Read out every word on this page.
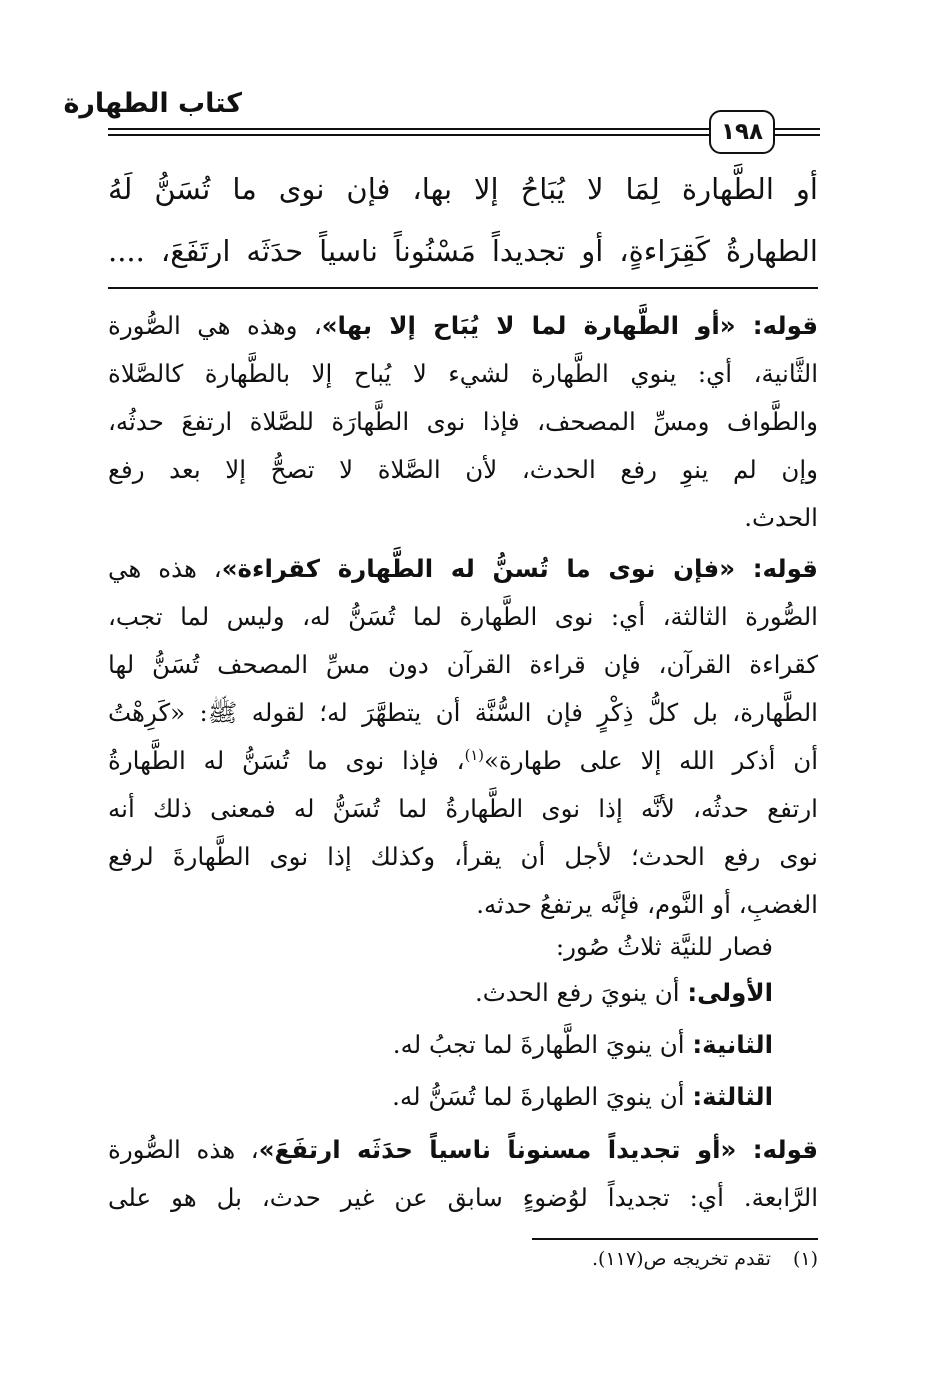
كتاب الطهارة
١٩٨
أو الطَّهارة لِمَا لا يُبَاحُ إلا بها، فإن نوى ما تُسَنُّ لَهُ
الطهارةُ كَقِرَاءةٍ، أو تجديداً مَسْنُوناً ناسياً حدَثَه ارتَفَعَ، ....
قوله: «أو الطَّهارة لما لا يُبَاح إلا بها»، وهذه هي الصُّورة
الثَّانية، أي: ينوي الطَّهارة لشيء لا يُباح إلا بالطَّهارة كالصَّلاة
والطَّواف ومسِّ المصحف، فإذا نوى الطَّهارَة للصَّلاة ارتفعَ حدثُه،
وإن لم ينوِ رفع الحدث، لأن الصَّلاة لا تصحُّ إلا بعد رفع
الحدث.
قوله: «فإن نوى ما تُسنُّ له الطَّهارة كقراءة»، هذه هي
الصُّورة الثالثة، أي: نوى الطَّهارة لما تُسَنُّ له، وليس لما تجب،
كقراءة القرآن، فإن قراءة القرآن دون مسِّ المصحف تُسَنُّ لها
الطَّهارة، بل كلُّ ذِكْرٍ فإن السُّنَّة أن يتطهَّرَ له؛ لقوله ﷺ: «كَرِهْتُ
أن أذكر الله إلا على طهارة»$^{(١)}$، فإذا نوى ما تُسَنُّ له الطَّهارةُ
ارتفع حدثُه، لأنَّه إذا نوى الطَّهارةُ لما تُسَنُّ له فمعنى ذلك أنه
نوى رفع الحدث؛ لأجل أن يقرأ، وكذلك إذا نوى الطَّهارةَ لرفع
الغضبِ، أو النَّوم، فإنَّه يرتفعُ حدثه.
فصار للنيَّة ثلاثُ صُور:
الأولى: أن ينويَ رفع الحدث.
الثانية: أن ينويَ الطَّهارةَ لما تجبُ له.
الثالثة: أن ينويَ الطهارةَ لما تُسَنُّ له.
قوله: «أو تجديداً مسنوناً ناسياً حدَثَه ارتفَعَ»، هذه الصُّورة
الرَّابعة. أي: تجديداً لوُضوءٍ سابق عن غير حدث، بل هو على
(١)تقدم تخريجه ص(١١٧).
